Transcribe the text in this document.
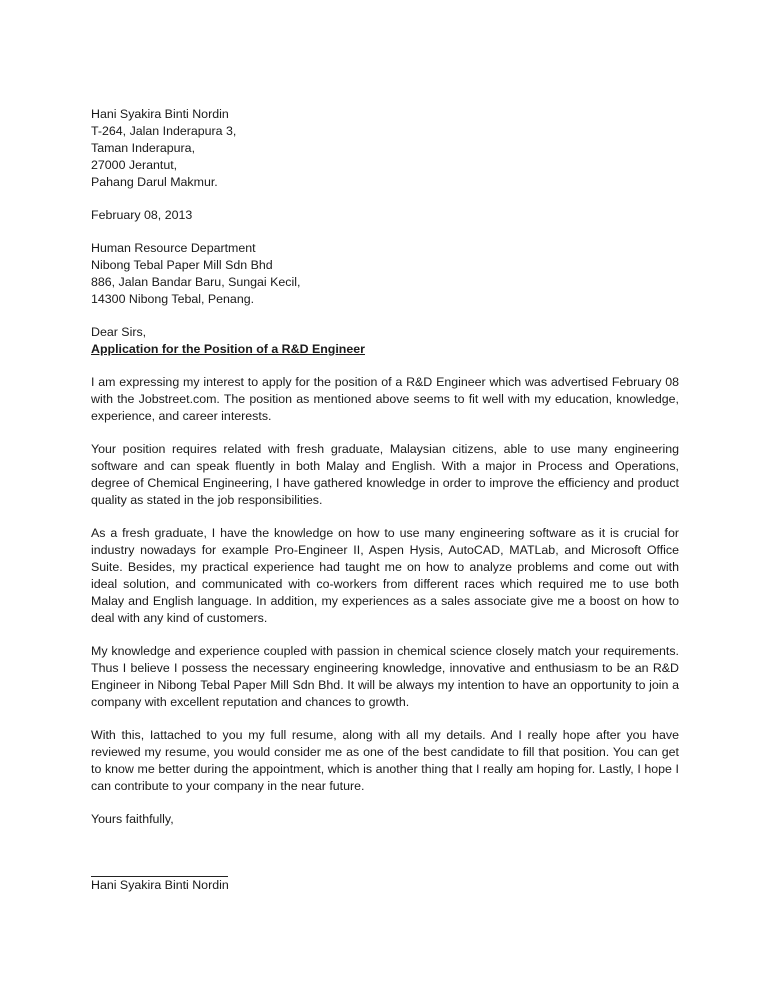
Hani Syakira Binti Nordin
T-264, Jalan Inderapura 3,
Taman Inderapura,
27000 Jerantut,
Pahang Darul Makmur.
February 08, 2013
Human Resource Department
Nibong Tebal Paper Mill Sdn Bhd
886, Jalan Bandar Baru, Sungai Kecil,
14300 Nibong Tebal, Penang.
Dear Sirs,
Application for the Position of a R&D Engineer

I am expressing my interest to apply for the position of a R&D Engineer which was advertised February 08 with the Jobstreet.com. The position as mentioned above seems to fit well with my education, knowledge, experience, and career interests.

Your position requires related with fresh graduate, Malaysian citizens, able to use many engineering software and can speak fluently in both Malay and English. With a major in Process and Operations, degree of Chemical Engineering, I have gathered knowledge in order to improve the efficiency and product quality as stated in the job responsibilities.

As a fresh graduate, I have the knowledge on how to use many engineering software as it is crucial for industry nowadays for example Pro-Engineer II, Aspen Hysis, AutoCAD, MATLab, and Microsoft Office Suite. Besides, my practical experience had taught me on how to analyze problems and come out with ideal solution, and communicated with co-workers from different races which required me to use both Malay and English language. In addition, my experiences as a sales associate give me a boost on how to deal with any kind of customers.

My knowledge and experience coupled with passion in chemical science closely match your requirements. Thus I believe I possess the necessary engineering knowledge, innovative and enthusiasm to be an R&D Engineer in Nibong Tebal Paper Mill Sdn Bhd. It will be always my intention to have an opportunity to join a company with excellent reputation and chances to growth.

With this, Iattached to you my full resume, along with all my details. And I really hope after you have reviewed my resume, you would consider me as one of the best candidate to fill that position. You can get to know me better during the appointment, which is another thing that I really am hoping for. Lastly, I hope I can contribute to your company in the near future.

Yours faithfully,
Hani Syakira Binti Nordin
